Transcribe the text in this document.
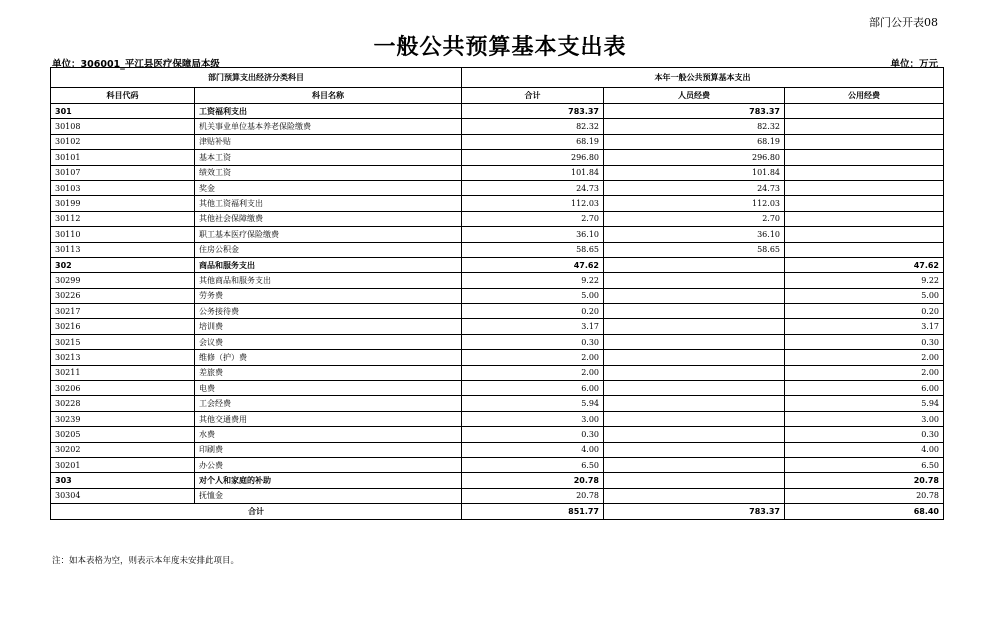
部门公开表08
一般公共预算基本支出表
单位：306001_平江县医疗保障局本级	单位：万元
部门预算支出经济分类科目		本年一般公共预算基本支出		
科目代码	科目名称	合计	人员经费	公用经费
301	工资福利支出	783.37	783.37	
30108	机关事业单位基本养老保险缴费	82.32	82.32	
30102	津贴补贴	68.19	68.19	
30101	基本工资	296.80	296.80	
30107	绩效工资	101.84	101.84	
30103	奖金	24.73	24.73	
30199	其他工资福利支出	112.03	112.03	
30112	其他社会保障缴费	2.70	2.70	
30110	职工基本医疗保险缴费	36.10	36.10	
30113	住房公积金	58.65	58.65	
302	商品和服务支出	47.62		47.62
30299	其他商品和服务支出	9.22		9.22
30226	劳务费	5.00		5.00
30217	公务接待费	0.20		0.20
30216	培训费	3.17		3.17
30215	会议费	0.30		0.30
30213	维修（护）费	2.00		2.00
30211	差旅费	2.00		2.00
30206	电费	6.00		6.00
30228	工会经费	5.94		5.94
30239	其他交通费用	3.00		3.00
30205	水费	0.30		0.30
30202	印刷费	4.00		4.00
30201	办公费	6.50		6.50
303	对个人和家庭的补助	20.78		20.78
30304	抚恤金	20.78		20.78
合计		851.77	783.37	68.40
注：如本表格为空，则表示本年度未安排此项目。
